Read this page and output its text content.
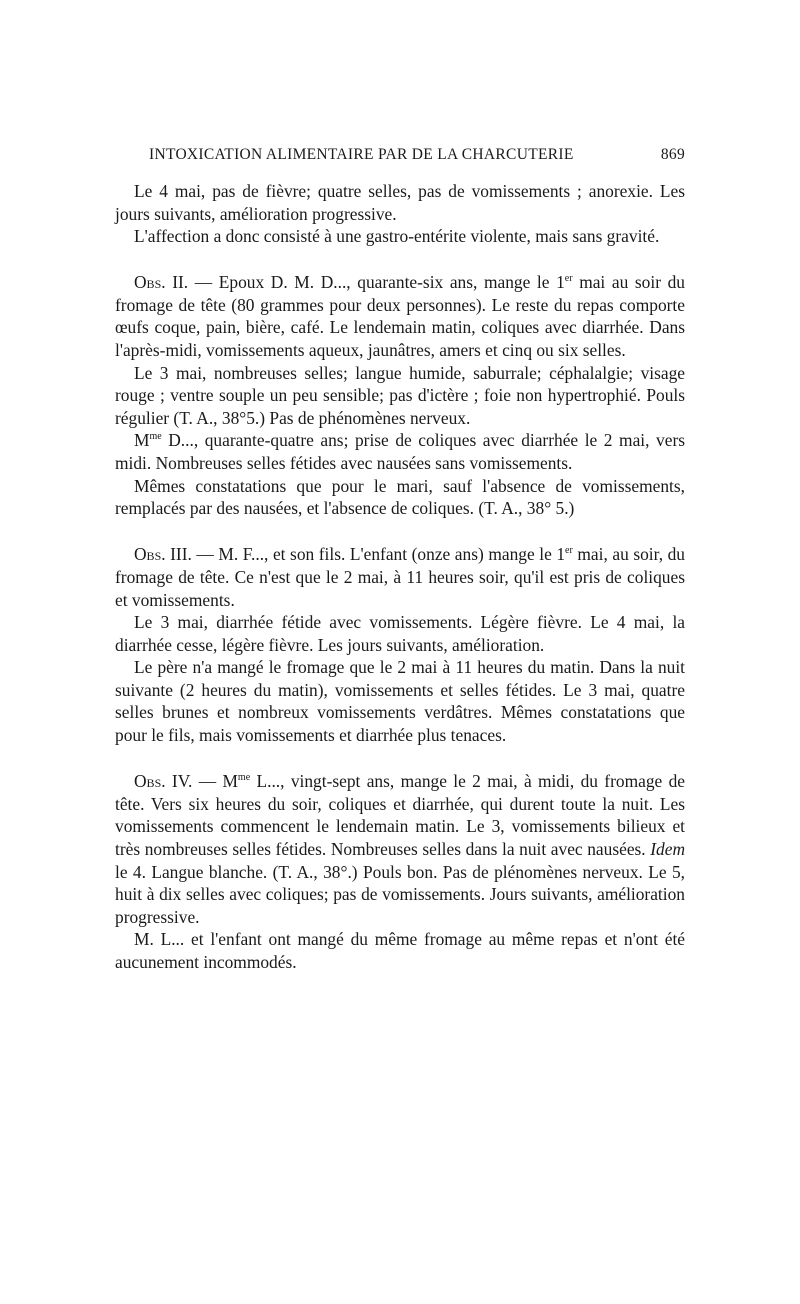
INTOXICATION ALIMENTAIRE PAR DE LA CHARCUTERIE	869

Le 4 mai, pas de fièvre; quatre selles, pas de vomissements ; anorexie. Les jours suivants, amélioration progressive.

L'affection a donc consisté à une gastro-entérite violente, mais sans gravité.

Obs. II. — Epoux D. M. D..., quarante-six ans, mange le 1er mai au soir du fromage de tête (80 grammes pour deux personnes). Le reste du repas comporte œufs coque, pain, bière, café. Le lendemain matin, coliques avec diarrhée. Dans l'après-midi, vomissements aqueux, jaunâtres, amers et cinq ou six selles.

Le 3 mai, nombreuses selles; langue humide, saburrale; céphalalgie; visage rouge ; ventre souple un peu sensible; pas d'ictère ; foie non hypertrophié. Pouls régulier (T. A., 38°5.) Pas de phénomènes nerveux.

$M^{me}$ D..., quarante-quatre ans; prise de coliques avec diarrhée le 2 mai, vers midi. Nombreuses selles fétides avec nausées sans vomissements.

Mêmes constatations que pour le mari, sauf l'absence de vomissements, remplacés par des nausées, et l'absence de coliques. (T. A., 38° 5.)

Obs. III. — M. F..., et son fils. L'enfant (onze ans) mange le 1er mai, au soir, du fromage de tête. Ce n'est que le 2 mai, à 11 heures soir, qu'il est pris de coliques et vomissements.

Le 3 mai, diarrhée fétide avec vomissements. Légère fièvre. Le 4 mai, la diarrhée cesse, légère fièvre. Les jours suivants, amélioration.

Le père n'a mangé le fromage que le 2 mai à 11 heures du matin. Dans la nuit suivante (2 heures du matin), vomissements et selles fétides. Le 3 mai, quatre selles brunes et nombreux vomissements verdâtres. Mêmes constatations que pour le fils, mais vomissements et diarrhée plus tenaces.

Obs. IV. — $M^{me}$ L..., vingt-sept ans, mange le 2 mai, à midi, du fromage de tête. Vers six heures du soir, coliques et diarrhée, qui durent toute la nuit. Les vomissements commencent le lendemain matin. Le 3, vomissements bilieux et très nombreuses selles fétides. Nombreuses selles dans la nuit avec nausées. Idem le 4. Langue blanche. (T. A., 38°.) Pouls bon. Pas de plénomènes nerveux. Le 5, huit à dix selles avec coliques; pas de vomissements. Jours suivants, amélioration progressive.

M. L... et l'enfant ont mangé du même fromage au même repas et n'ont été aucunement incommodés.
